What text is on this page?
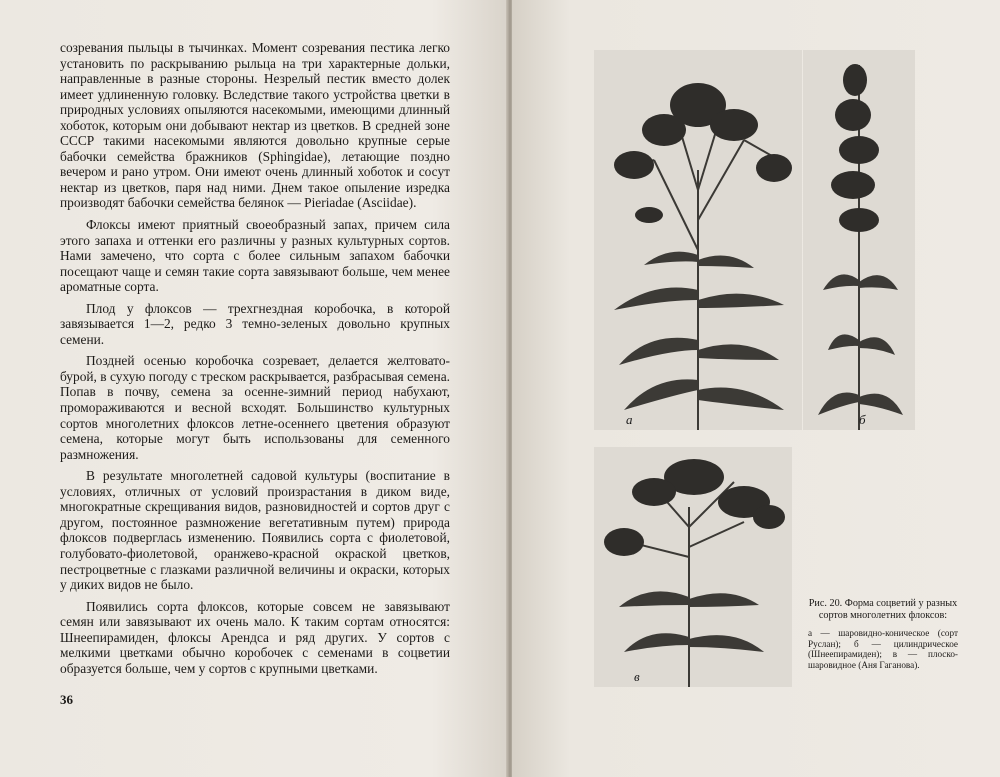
созревания пыльцы в тычинках. Момент созревания пестика легко установить по раскрыванию рыльца на три характерные дольки, направленные в разные стороны. Незрелый пестик вместо долек имеет удлиненную головку. Вследствие такого устройства цветки в природных условиях опыляются насекомыми, имеющими длинный хоботок, которым они добывают нектар из цветков. В средней зоне СССР такими насекомыми являются довольно крупные серые бабочки семейства бражников (Sphingidae), летающие поздно вечером и рано утром. Они имеют очень длинный хоботок и сосут нектар из цветков, паря над ними. Днем такое опыление изредка производят бабочки семейства белянок — Pieriadae (Asciidae).

Флоксы имеют приятный своеобразный запах, причем сила этого запаха и оттенки его различны у разных культурных сортов. Нами замечено, что сорта с более сильным запахом бабочки посещают чаще и семян такие сорта завязывают больше, чем менее ароматные сорта.

Плод у флоксов — трехгнездная коробочка, в которой завязывается 1—2, редко 3 темно-зеленых довольно крупных семени.

Поздней осенью коробочка созревает, делается желтовато-бурой, в сухую погоду с треском раскрывается, разбрасывая семена. Попав в почву, семена за осенне-зимний период набухают, промораживаются и весной всходят. Большинство культурных сортов многолетних флоксов летне-осеннего цветения образуют семена, которые могут быть использованы для семенного размножения.

В результате многолетней садовой культуры (воспитание в условиях, отличных от условий произрастания в диком виде, многократные скрещивания видов, разновидностей и сортов друг с другом, постоянное размножение вегетативным путем) природа флоксов подверглась изменению. Появились сорта с фиолетовой, голубовато-фиолетовой, оранжево-красной окраской цветков, пестроцветные с глазками различной величины и окраски, которых у диких видов не было.

Появились сорта флоксов, которые совсем не завязывают семян или завязывают их очень мало. К таким сортам относятся: Шнеепирамиден, флоксы Арендса и ряд других. У сортов с мелкими цветками обычно коробочек с семенами в соцветии образуется больше, чем у сортов с крупными цветками.

36
а	б
в

Рис. 20. Форма соцветий у разных сортов многолетних флоксов:

а — шаровидно-коническое (сорт Руслан); б — цилиндрическое (Шнеепирамиден); в — плоско-шаровидное (Аня Гаганова).
